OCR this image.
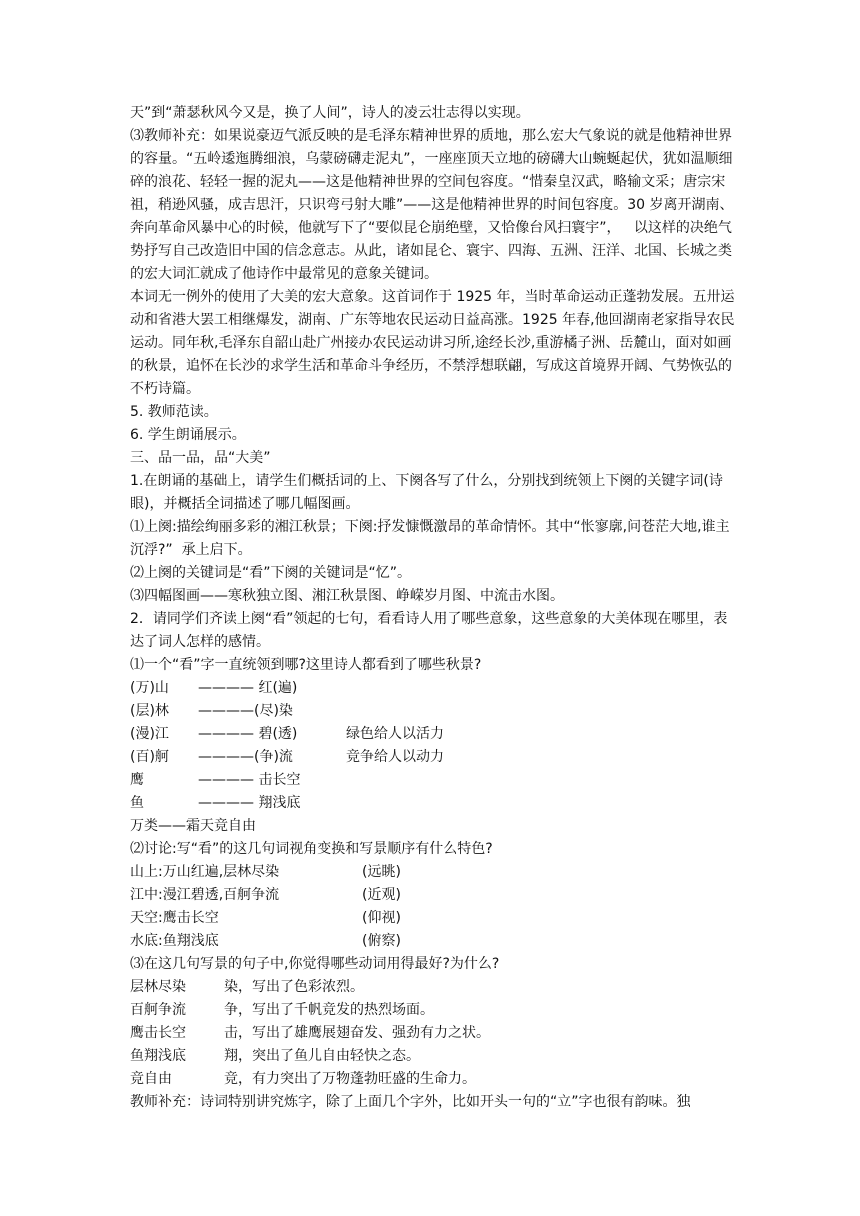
天”到“萧瑟秋风今又是，换了人间”，诗人的凌云壮志得以实现。

⑶教师补充：如果说豪迈气派反映的是毛泽东精神世界的质地，那么宏大气象说的就是他精神世界的容量。“五岭逶迤腾细浪，乌蒙磅礴走泥丸”，一座座顶天立地的磅礴大山蜿蜒起伏，犹如温顺细碎的浪花、轻轻一握的泥丸——这是他精神世界的空间包容度。“惜秦皇汉武，略输文采；唐宗宋祖，稍逊风骚，成吉思汗，只识弯弓射大雕”——这是他精神世界的时间包容度。30 岁离开湖南、奔向革命风暴中心的时候，他就写下了“要似昆仑崩绝壁，又恰像台风扫寰宇”，   以这样的决绝气势抒写自己改造旧中国的信念意志。从此，诸如昆仑、寰宇、四海、五洲、汪洋、北国、长城之类的宏大词汇就成了他诗作中最常见的意象关键词。

本词无一例外的使用了大美的宏大意象。这首词作于 1925 年，当时革命运动正蓬勃发展。五卅运动和省港大罢工相继爆发，湖南、广东等地农民运动日益高涨。1925 年春,他回湖南老家指导农民运动。同年秋,毛泽东自韶山赴广州接办农民运动讲习所,途经长沙,重游橘子洲、岳麓山，面对如画的秋景，追怀在长沙的求学生活和革命斗争经历，不禁浮想联翩，写成这首境界开阔、气势恢弘的不朽诗篇。

5. 教师范读。

6. 学生朗诵展示。

三、品一品，品“大美”

1.在朗诵的基础上，请学生们概括词的上、下阕各写了什么，分别找到统领上下阕的关键字词(诗眼)，并概括全词描述了哪几幅图画。

⑴上阕:描绘绚丽多彩的湘江秋景；下阕:抒发慷慨激昂的革命情怀。其中“怅寥廓,问苍茫大地,谁主沉浮?”  承上启下。

⑵上阕的关键词是“看”下阕的关键词是“忆”。

⑶四幅图画——寒秋独立图、湘江秋景图、峥嵘岁月图、中流击水图。

2．请同学们齐读上阕“看”领起的七句，看看诗人用了哪些意象，这些意象的大美体现在哪里，表达了词人怎样的感情。

⑴一个“看”字一直统领到哪?这里诗人都看到了哪些秋景?

(万)山	———— 红(遍)
(层)林	————(尽)染
(漫)江	———— 碧(透)	绿色给人以活力
(百)舸	————(争)流	竞争给人以动力
鹰	———— 击长空
鱼	———— 翔浅底

万类——霜天竞自由

⑵讨论:写“看”的这几句词视角变换和写景顺序有什么特色?

山上:万山红遍,层林尽染	(远眺)
江中:漫江碧透,百舸争流	(近观)
天空:鹰击长空	(仰视)
水底:鱼翔浅底	(俯察)

⑶在这几句写景的句子中,你觉得哪些动词用得最好?为什么?

层林尽染	染，写出了色彩浓烈。
百舸争流	争，写出了千帆竞发的热烈场面。
鹰击长空	击，写出了雄鹰展翅奋发、强劲有力之状。
鱼翔浅底	翔，突出了鱼儿自由轻快之态。
竞自由	竞，有力突出了万物蓬勃旺盛的生命力。

教师补充：诗词特别讲究炼字，除了上面几个字外，比如开头一句的“立”字也很有韵味。独
